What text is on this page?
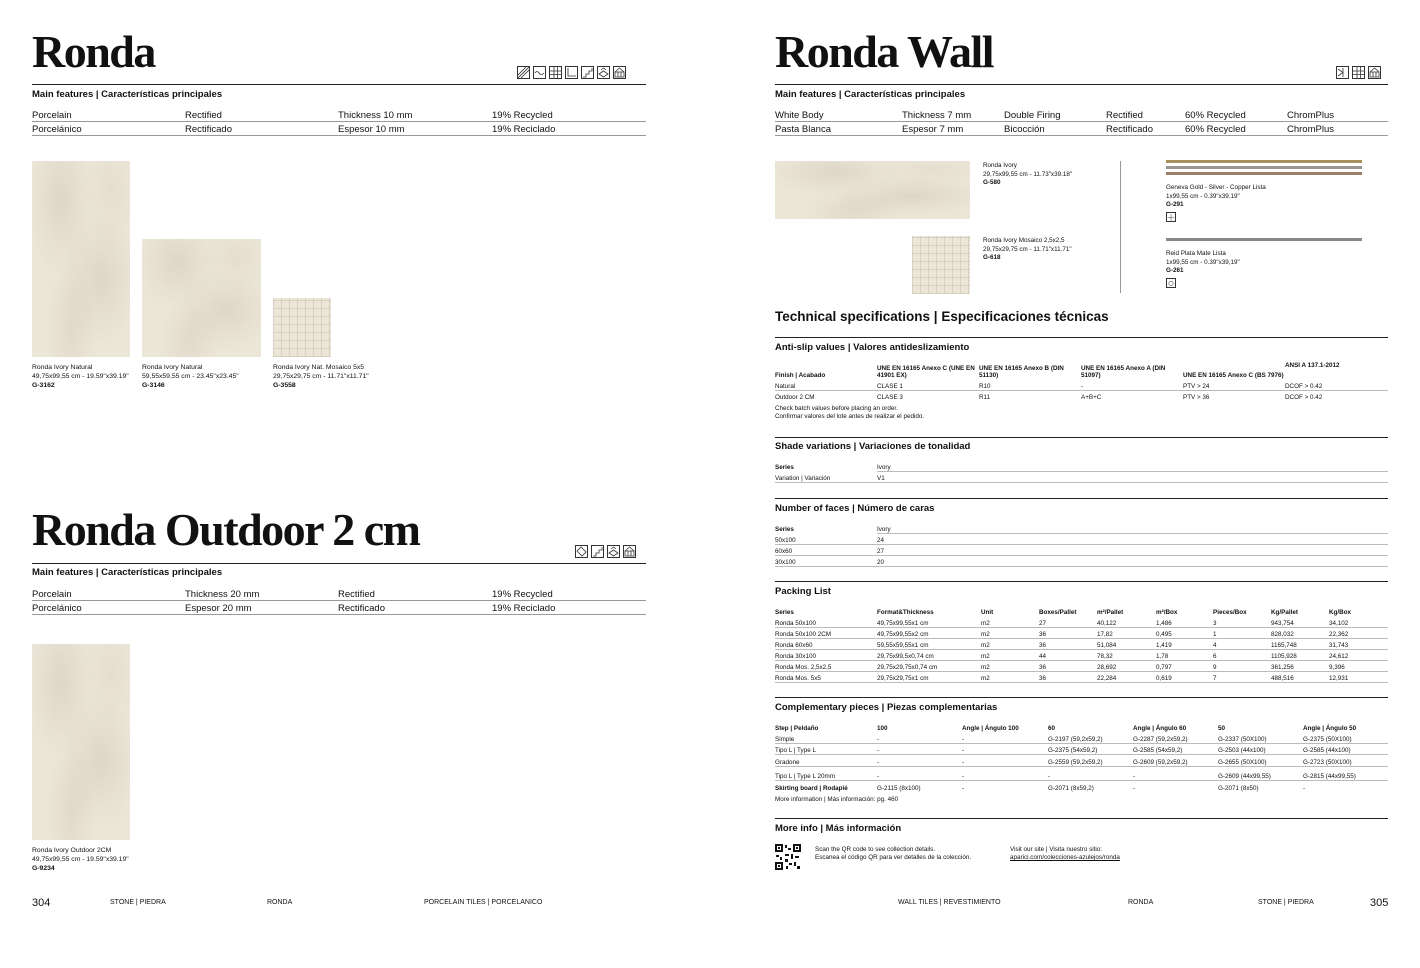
Ronda
Main features | Características principales
Porcelain	Rectified	Thickness 10 mm	19% Recycled
Porcelánico	Rectificado	Espesor 10 mm	19% Reciclado
Ronda Ivory Natural
49,75x99,55 cm - 19.59"x39.19"
G-3162
Ronda Ivory Natural
59,55x59,55 cm - 23.45"x23.45"
G-3146
Ronda Ivory Nat. Mosaico 5x5
29,75x29,75 cm - 11.71"x11.71"
G-3558
Ronda Outdoor 2 cm
Main features | Características principales
Porcelain	Thickness 20 mm	Rectified	19% Recycled
Porcelánico	Espesor 20 mm	Rectificado	19% Reciclado
Ronda Ivory Outdoor 2CM
49,75x99,55 cm - 19.59"x39.19"
G-9234
304	STONE | PIEDRA	RONDA	PORCELAIN TILES | PORCELANICO
Ronda Wall
Main features | Características principales
White Body	Thickness 7 mm	Double Firing	Rectified	60% Recycled	ChromPlus
Pasta Blanca	Espesor 7 mm	Bicocción	Rectificado	60% Recycled	ChromPlus
Ronda Ivory
29,75x99,55 cm - 11.73"x39.18"
G-580
Ronda Ivory Mosaico 2,5x2,5
29,75x29,75 cm - 11.71"x11.71"
G-618
Geneva Gold - Silver - Copper Lista
1x99,55 cm - 0.39"x39.19"
G-291
Reid Plata Mate Lista
1x99,55 cm - 0.39"x39,19"
G-261
Technical specifications | Especificaciones técnicas
Anti-slip values | Valores antideslizamiento
Finish | Acabado	UNE EN 16165 Anexo C (UNE EN 41901 EX)	UNE EN 16165 Anexo B (DIN 51130)	UNE EN 16165 Anexo A (DIN 51097)	UNE EN 16165 Anexo C (BS 7976)	ANSI A 137.1-2012
Natural	CLASE 1	R10	-	PTV > 24	DCOF > 0.42
Outdoor 2 CM	CLASE 3	R11	A+B+C	PTV > 36	DCOF > 0.42
Check batch values before placing an order.
Confirmar valores del lote antes de realizar el pedido.
Shade variations | Variaciones de tonalidad
Series	Ivory
Variation | Variación	V1
Number of faces | Número de caras
Series	Ivory
50x100	24
60x60	27
30x100	20
Packing List
Series	Format&Thickness	Unit	Boxes/Pallet	m²/Pallet	m²/Box	Pieces/Box	Kg/Pallet	Kg/Box
Ronda 50x100	49,75x99,55x1 cm	m2	27	40,122	1,486	3	943,754	34,102
Ronda 50x100 2CM	49,75x99,55x2 cm	m2	36	17,82	0,495	1	828,032	22,362
Ronda 60x60	59,55x59,55x1 cm	m2	36	51,084	1,419	4	1165,748	31,743
Ronda 30x100	29,75x99,5x0,74 cm	m2	44	78,32	1,78	6	1105,928	24,612
Ronda Mos. 2,5x2,5	29,75x29,75x0,74 cm	m2	36	28,692	0,797	9	361,256	9,396
Ronda Mos. 5x5	29,75x29,75x1 cm	m2	36	22,284	0,619	7	488,516	12,931
Complementary pieces | Piezas complementarias
Step | Peldaño	100	Angle | Ángulo 100	60	Angle | Ángulo 60	50	Angle | Ángulo 50
Simple	-	-	G-2197 (59,2x59,2)	G-2287 (59,2x59,2)	G-2337 (50X100)	G-2375 (50X100)
Tipo L | Type L	-	-	G-2375 (54x59,2)	G-2585 (54x59,2)	G-2503 (44x100)	G-2585 (44x100)
Gradone	-	-	G-2559 (59,2x59,2)	G-2609 (59,2x59,2)	G-2655 (50X100)	G-2723 (50X100)
Tipo L | Type L 20mm	-	-	-	-	G-2609 (44x99,55)	G-2815 (44x99,55)
Skirting board | Rodapié	G-2115 (8x100)	-	G-2071 (8x59,2)	-	G-2071 (8x50)	-
More information | Más información: pg. 460
More info | Más información
Scan the QR code to see collection details.
Escanea el código QR para ver detalles de la colección.
Visit our site | Visita nuestro sitio:
aparici.com/colecciones-azulejos/ronda
WALL TILES | REVESTIMIENTO	RONDA	STONE | PIEDRA	305
